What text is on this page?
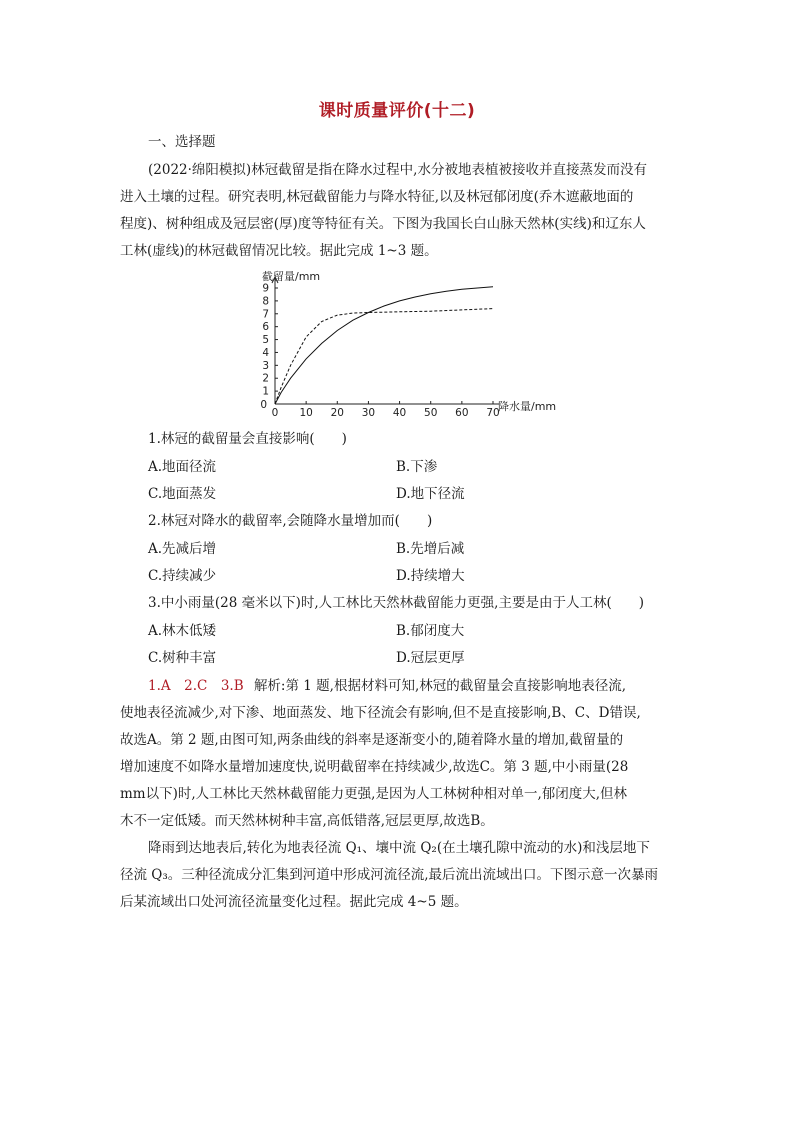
课时质量评价(十二)
一、选择题
(2022·绵阳模拟)林冠截留是指在降水过程中,水分被地表植被接收并直接蒸发而没有
进入土壤的过程。研究表明,林冠截留能力与降水特征,以及林冠郁闭度(乔木遮蔽地面的
程度)、树种组成及冠层密(厚)度等特征有关。下图为我国长白山脉天然林(实线)和辽东人
工林(虚线)的林冠截留情况比较。据此完成 1~3 题。
截留量/mm
降水量/mm
0 10 20 30 40 50 60 70
1
2
3
4
5
6
7
8
9
0
1.林冠的截留量会直接影响(　　)
A.地面径流	B.下渗
C.地面蒸发	D.地下径流
2.林冠对降水的截留率,会随降水量增加而(　　)
A.先减后增	B.先增后减
C.持续减少	D.持续增大
3.中小雨量(28 毫米以下)时,人工林比天然林截留能力更强,主要是由于人工林(　　)
A.林木低矮	B.郁闭度大
C.树种丰富	D.冠层更厚
1.A　2.C　3.B 解析:第 1 题,根据材料可知,林冠的截留量会直接影响地表径流,
使地表径流减少,对下渗、地面蒸发、地下径流会有影响,但不是直接影响,B、C、D错误,
故选A。第 2 题,由图可知,两条曲线的斜率是逐渐变小的,随着降水量的增加,截留量的
增加速度不如降水量增加速度快,说明截留率在持续减少,故选C。第 3 题,中小雨量(28
mm以下)时,人工林比天然林截留能力更强,是因为人工林树种相对单一,郁闭度大,但林
木不一定低矮。而天然林树种丰富,高低错落,冠层更厚,故选B。
降雨到达地表后,转化为地表径流 Q₁、壤中流 Q₂(在土壤孔隙中流动的水)和浅层地下
径流 Q₃。三种径流成分汇集到河道中形成河流径流,最后流出流域出口。下图示意一次暴雨
后某流域出口处河流径流量变化过程。据此完成 4~5 题。
